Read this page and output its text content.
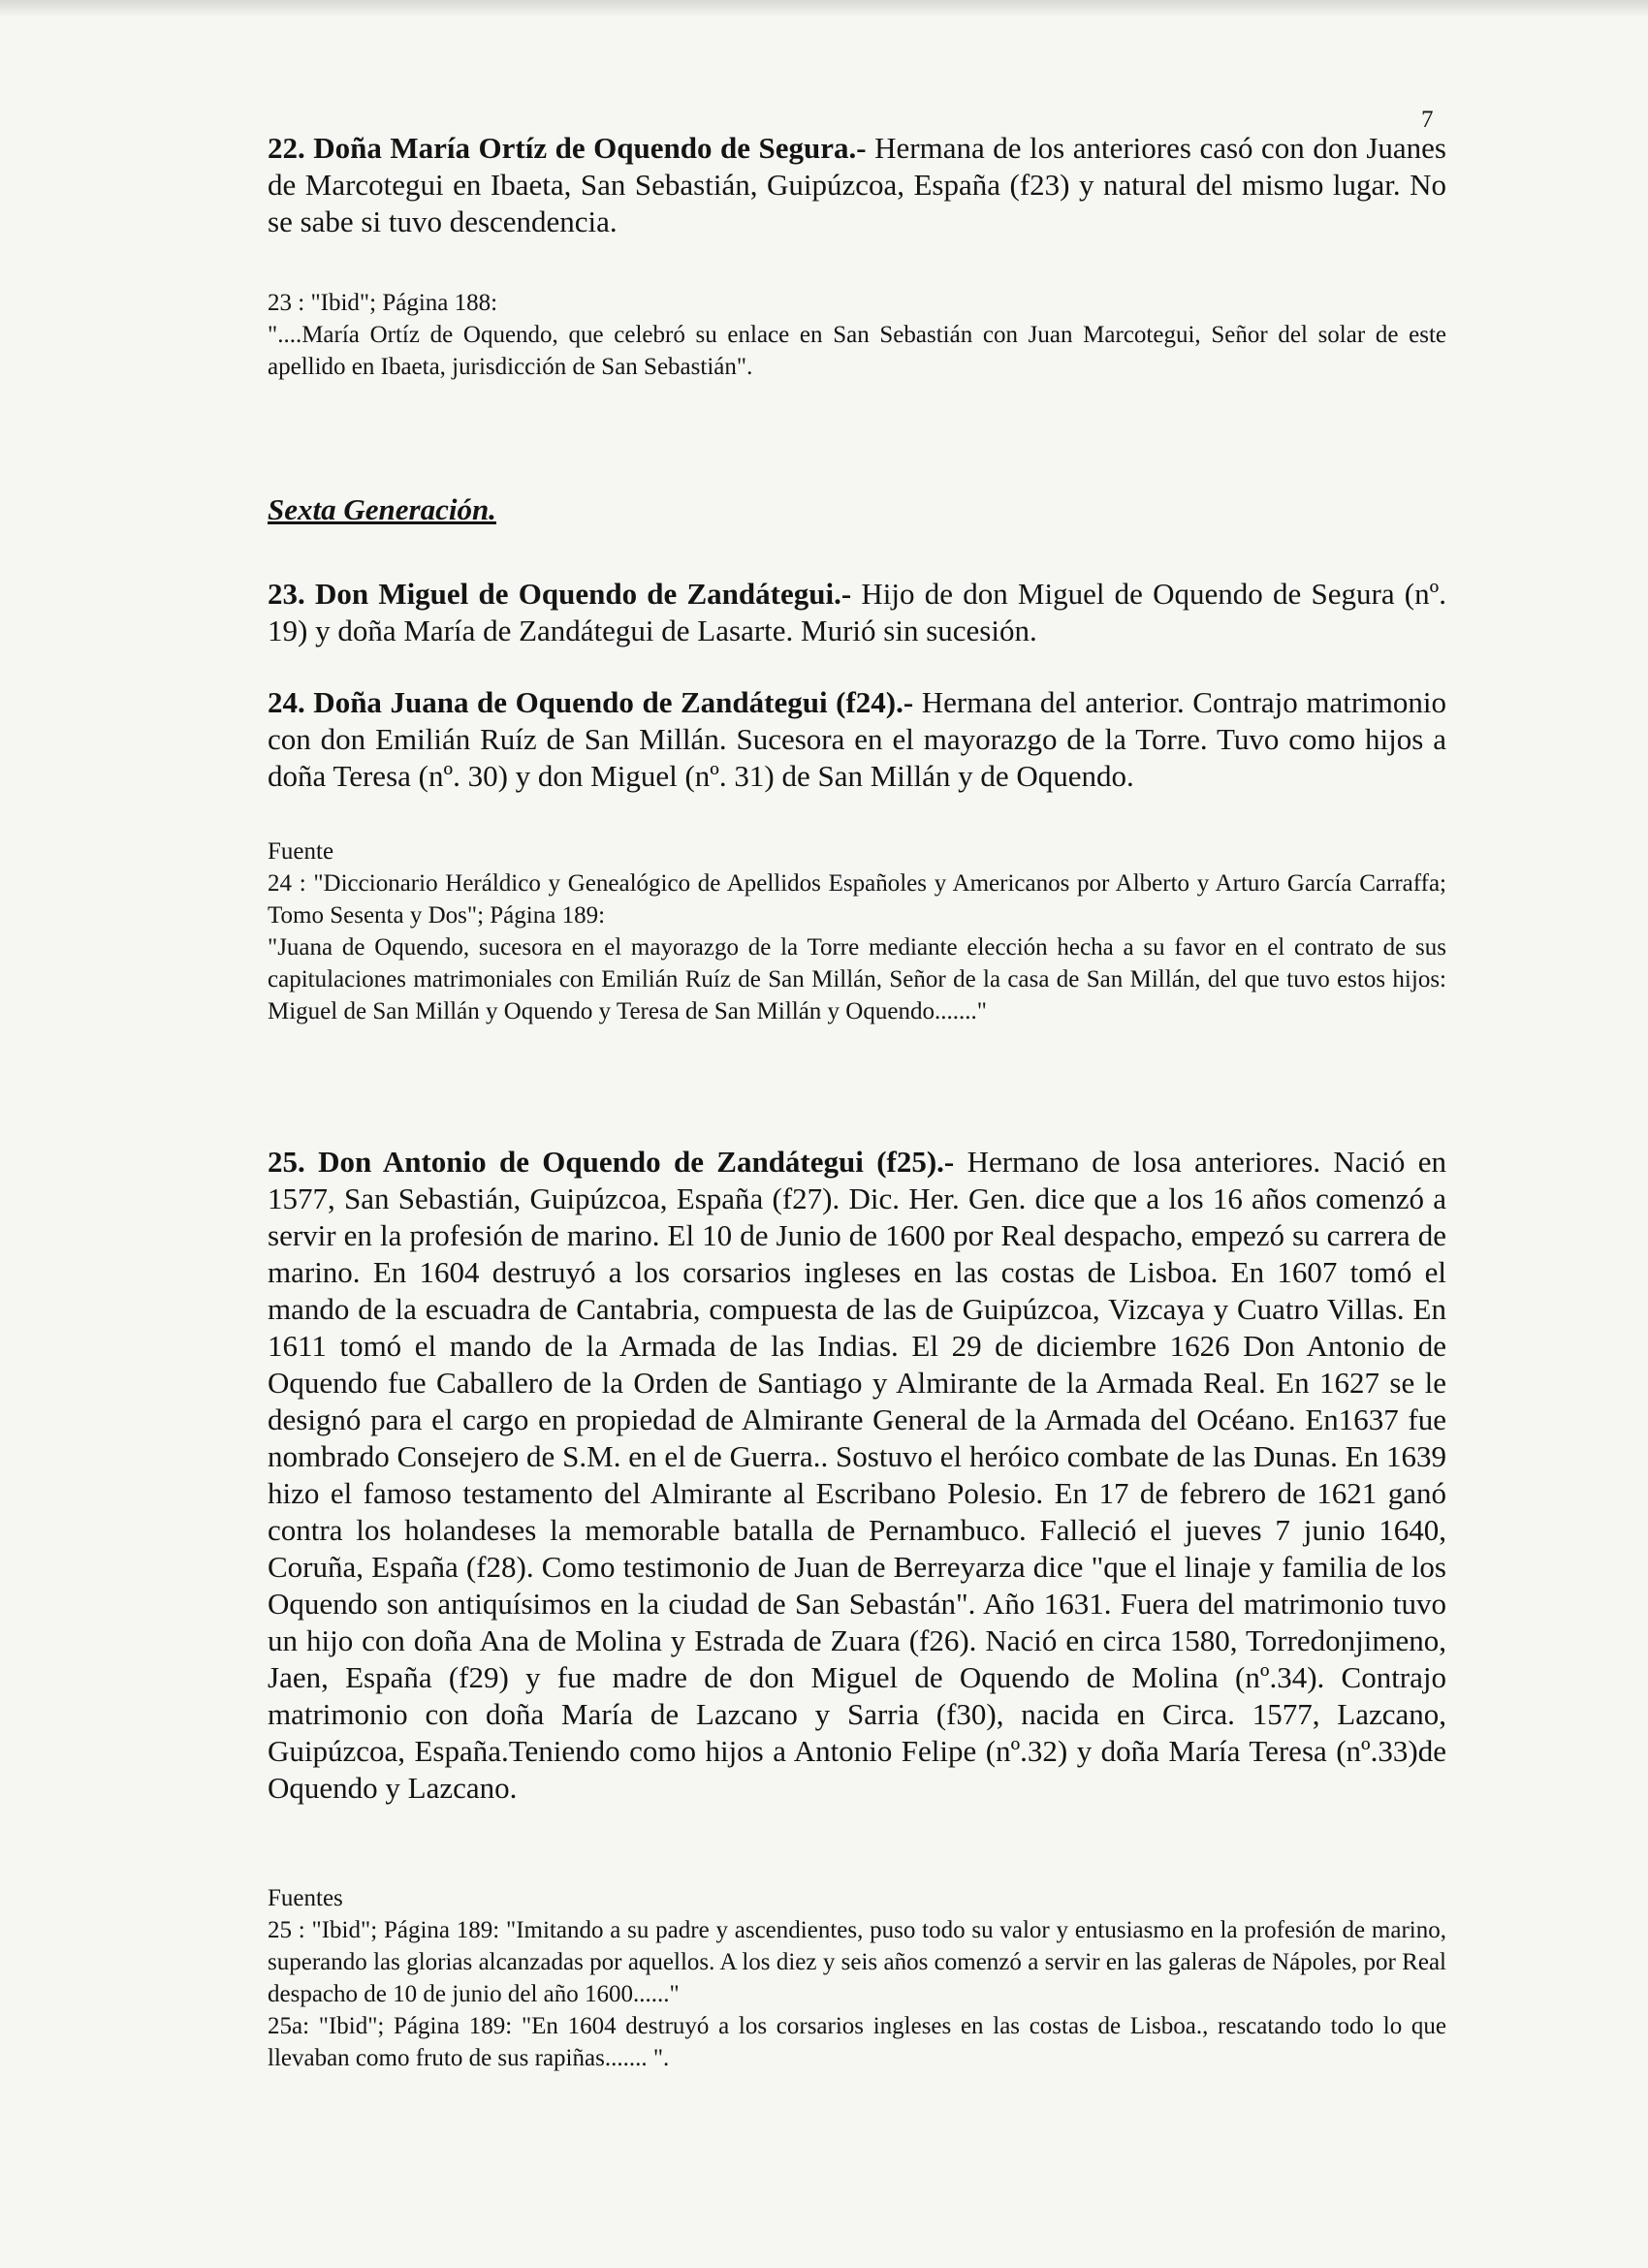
7

22. Doña María Ortíz de Oquendo de Segura.- Hermana de los anteriores casó con don Juanes de Marcotegui en Ibaeta, San Sebastián, Guipúzcoa, España (f23) y natural del mismo lugar. No se sabe si tuvo descendencia.

23 : "Ibid"; Página 188:

"....María Ortíz de Oquendo, que celebró su enlace en San Sebastián con Juan Marcotegui, Señor del solar de este apellido en Ibaeta, jurisdicción de San Sebastián".

Sexta Generación.

23. Don Miguel de Oquendo de Zandátegui.- Hijo de don Miguel de Oquendo de Segura (nº. 19) y doña María de Zandátegui de Lasarte. Murió sin sucesión.

24. Doña Juana de Oquendo de Zandátegui (f24).- Hermana del anterior. Contrajo matrimonio con don Emilián Ruíz de San Millán. Sucesora en el mayorazgo de la Torre. Tuvo como hijos a doña Teresa (nº. 30) y don Miguel (nº. 31) de San Millán y de Oquendo.

Fuente

24 : "Diccionario Heráldico y Genealógico de Apellidos Españoles y Americanos por Alberto y Arturo García Carraffa; Tomo Sesenta y Dos"; Página 189:

"Juana de Oquendo, sucesora en el mayorazgo de la Torre mediante elección hecha a su favor en el contrato de sus capitulaciones matrimoniales con Emilián Ruíz de San Millán, Señor de la casa de San Millán, del que tuvo estos hijos: Miguel de San Millán y Oquendo y Teresa de San Millán y Oquendo......."

25. Don Antonio de Oquendo de Zandátegui (f25).- Hermano de losa anteriores. Nació en 1577, San Sebastián, Guipúzcoa, España (f27). Dic. Her. Gen. dice que a los 16 años comenzó a servir en la profesión de marino. El 10 de Junio de 1600 por Real despacho, empezó su carrera de marino. En 1604 destruyó a los corsarios ingleses en las costas de Lisboa. En 1607 tomó el mando de la escuadra de Cantabria, compuesta de las de Guipúzcoa, Vizcaya y Cuatro Villas. En 1611 tomó el mando de la Armada de las Indias. El 29 de diciembre 1626 Don Antonio de Oquendo fue Caballero de la Orden de Santiago y Almirante de la Armada Real. En 1627 se le designó para el cargo en propiedad de Almirante General de la Armada del Océano. En1637 fue nombrado Consejero de S.M. en el de Guerra.. Sostuvo el heróico combate de las Dunas. En 1639 hizo el famoso testamento del Almirante al Escribano Polesio. En 17 de febrero de 1621 ganó contra los holandeses la memorable batalla de Pernambuco. Falleció el jueves 7 junio 1640, Coruña, España (f28). Como testimonio de Juan de Berreyarza dice "que el linaje y familia de los Oquendo son antiquísimos en la ciudad de San Sebastán". Año 1631. Fuera del matrimonio tuvo un hijo con doña Ana de Molina y Estrada de Zuara (f26). Nació en circa 1580, Torredonjimeno, Jaen, España (f29) y fue madre de don Miguel de Oquendo de Molina (nº.34). Contrajo matrimonio con doña María de Lazcano y Sarria (f30), nacida en Circa. 1577, Lazcano, Guipúzcoa, España.Teniendo como hijos a Antonio Felipe (nº.32) y doña María Teresa (nº.33)de Oquendo y Lazcano.

Fuentes

25 : "Ibid"; Página 189: "Imitando a su padre y ascendientes, puso todo su valor y entusiasmo en la profesión de marino, superando las glorias alcanzadas por aquellos. A los diez y seis años comenzó a servir en las galeras de Nápoles, por Real despacho de 10 de junio del año 1600......"

25a: "Ibid"; Página 189: "En 1604 destruyó a los corsarios ingleses en las costas de Lisboa., rescatando todo lo que llevaban como fruto de sus rapiñas....... ".
